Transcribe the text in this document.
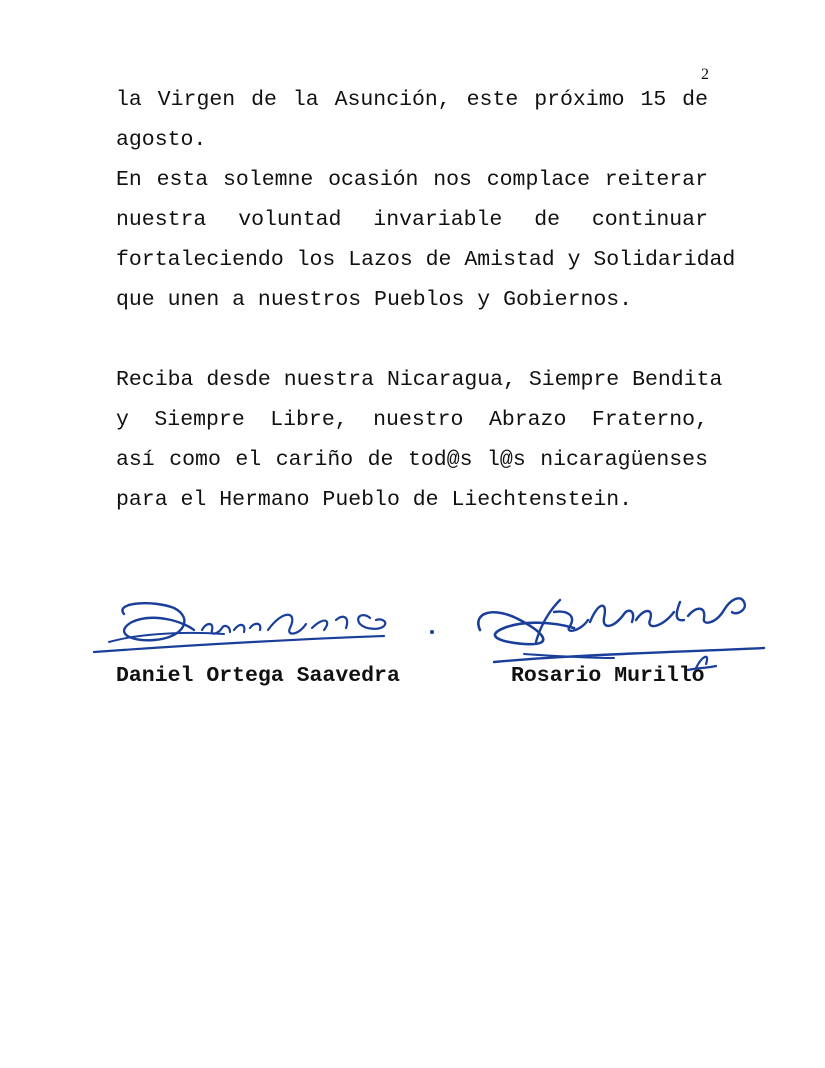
2
la Virgen de la Asunción, este próximo 15 de
agosto.
En esta solemne ocasión nos complace reiterar
nuestra voluntad invariable de continuar
fortaleciendo los Lazos de Amistad y Solidaridad
que unen a nuestros Pueblos y Gobiernos.
Reciba desde nuestra Nicaragua, Siempre Bendita
y Siempre Libre, nuestro Abrazo Fraterno,
así como el cariño de tod@s l@s nicaragüenses
para el Hermano Pueblo de Liechtenstein.
Daniel Ortega Saavedra	Rosario Murillo
